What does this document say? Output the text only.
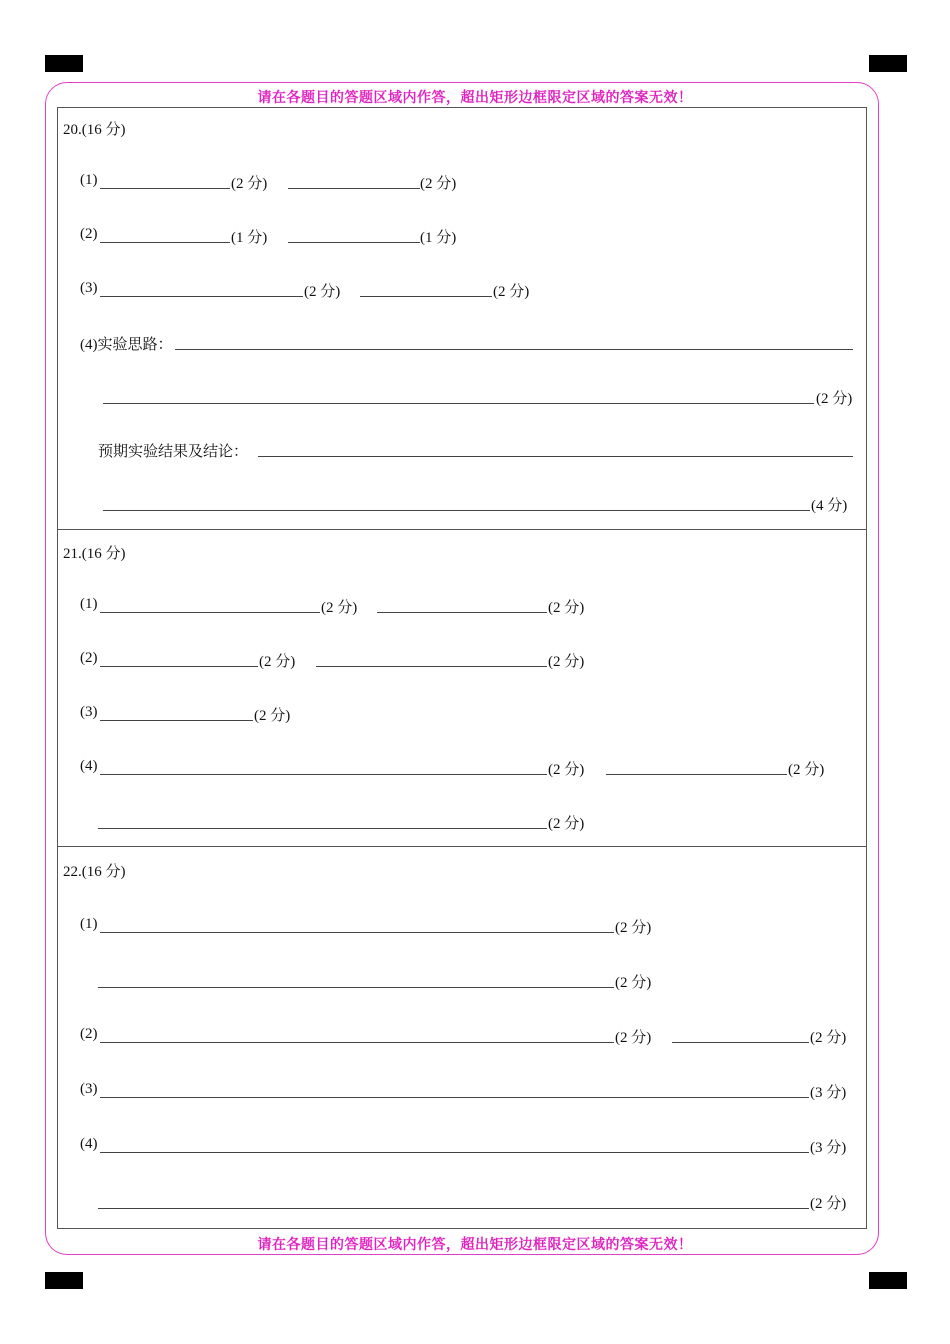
请在各题目的答题区域内作答，超出矩形边框限定区域的答案无效！
请在各题目的答题区域内作答，超出矩形边框限定区域的答案无效！
20.(16 分)
(1)	(2 分)	(2 分)
(2)	(1 分)	(1 分)
(3)	(2 分)	(2 分)
(4)实验思路：
(2 分)
预期实验结果及结论：
(4 分)
21.(16 分)
(1)	(2 分)	(2 分)
(2)	(2 分)	(2 分)
(3)	(2 分)
(4)	(2 分)	(2 分)
(2 分)
22.(16 分)
(1)	(2 分)
(2 分)
(2)	(2 分)	(2 分)
(3)	(3 分)
(4)	(3 分)
(2 分)
